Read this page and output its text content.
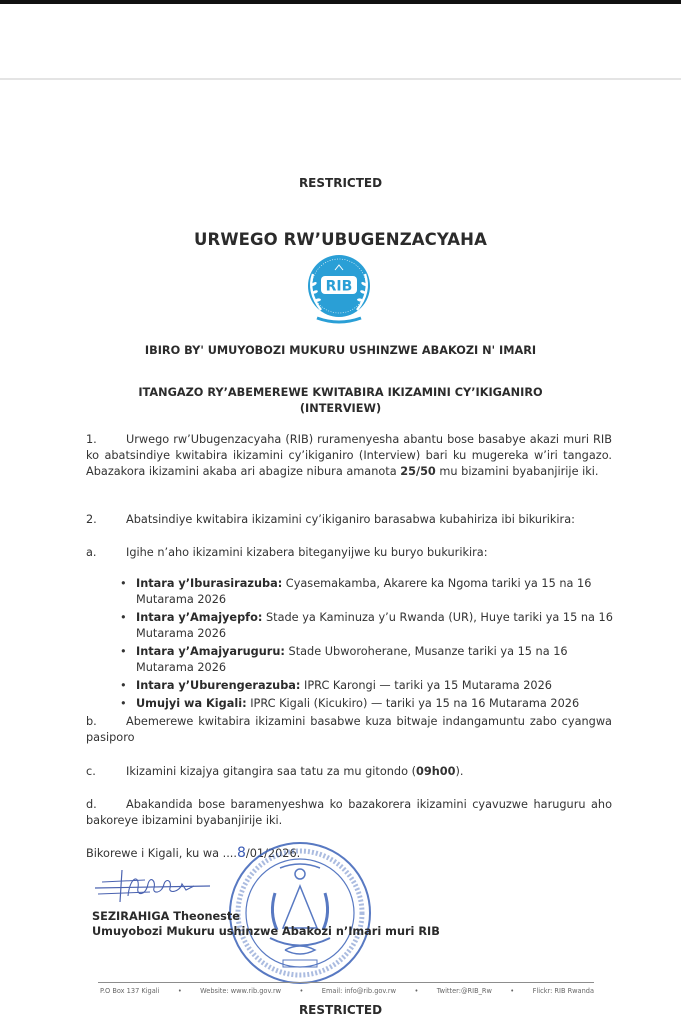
RESTRICTED
URWEGO RW’UBUGENZACYAHA
RIB
IBIRO BY' UMUYOBOZI MUKURU USHINZWE ABAKOZI N' IMARI
ITANGAZO RY’ABEMEREWE KWITABIRA IKIZAMINI CY’IKIGANIRO
(INTERVIEW)
1.	Urwego rw’Ubugenzacyaha (RIB) ruramenyesha abantu bose basabye akazi muri RIB ko abatsindiye kwitabira ikizamini cy’ikiganiro (Interview) bari ku mugereka w’iri tangazo. Abazakora ikizamini akaba ari abagize nibura amanota 25/50 mu bizamini byabanjirije iki.
2.	Abatsindiye kwitabira ikizamini cy’ikiganiro barasabwa kubahiriza ibi bikurikira:
a.	Igihe n’aho ikizamini kizabera biteganyijwe ku buryo bukurikira:
• Intara y’Iburasirazuba: Cyasemakamba, Akarere ka Ngoma tariki ya 15 na 16 Mutarama 2026
• Intara y’Amajyepfo: Stade ya Kaminuza y’u Rwanda (UR), Huye tariki ya 15 na 16 Mutarama 2026
• Intara y’Amajyaruguru: Stade Ubworoherane, Musanze tariki ya 15 na 16 Mutarama 2026
• Intara y’Uburengerazuba: IPRC Karongi — tariki ya 15 Mutarama 2026
• Umujyi wa Kigali: IPRC Kigali (Kicukiro) — tariki ya 15 na 16 Mutarama 2026
b.	Abemerewe kwitabira ikizamini basabwe kuza bitwaje indangamuntu zabo cyangwa pasiporo
c.	Ikizamini kizajya gitangira saa tatu za mu gitondo (09h00).
d.	Abakandida bose baramenyeshwa ko bazakorera ikizamini cyavuzwe haruguru aho bakoreye ibizamini byabanjirije iki.
Bikorewe i Kigali, ku wa ....8/01/2026.
SEZIRAHIGA Theoneste
Umuyobozi Mukuru ushinzwe Abakozi n’Imari muri RIB
P.O Box 137 Kigali	•	Website: www.rib.gov.rw	•	Email: info@rib.gov.rw	•	Twitter:@RIB_Rw	•	Flickr: RIB Rwanda
RESTRICTED
